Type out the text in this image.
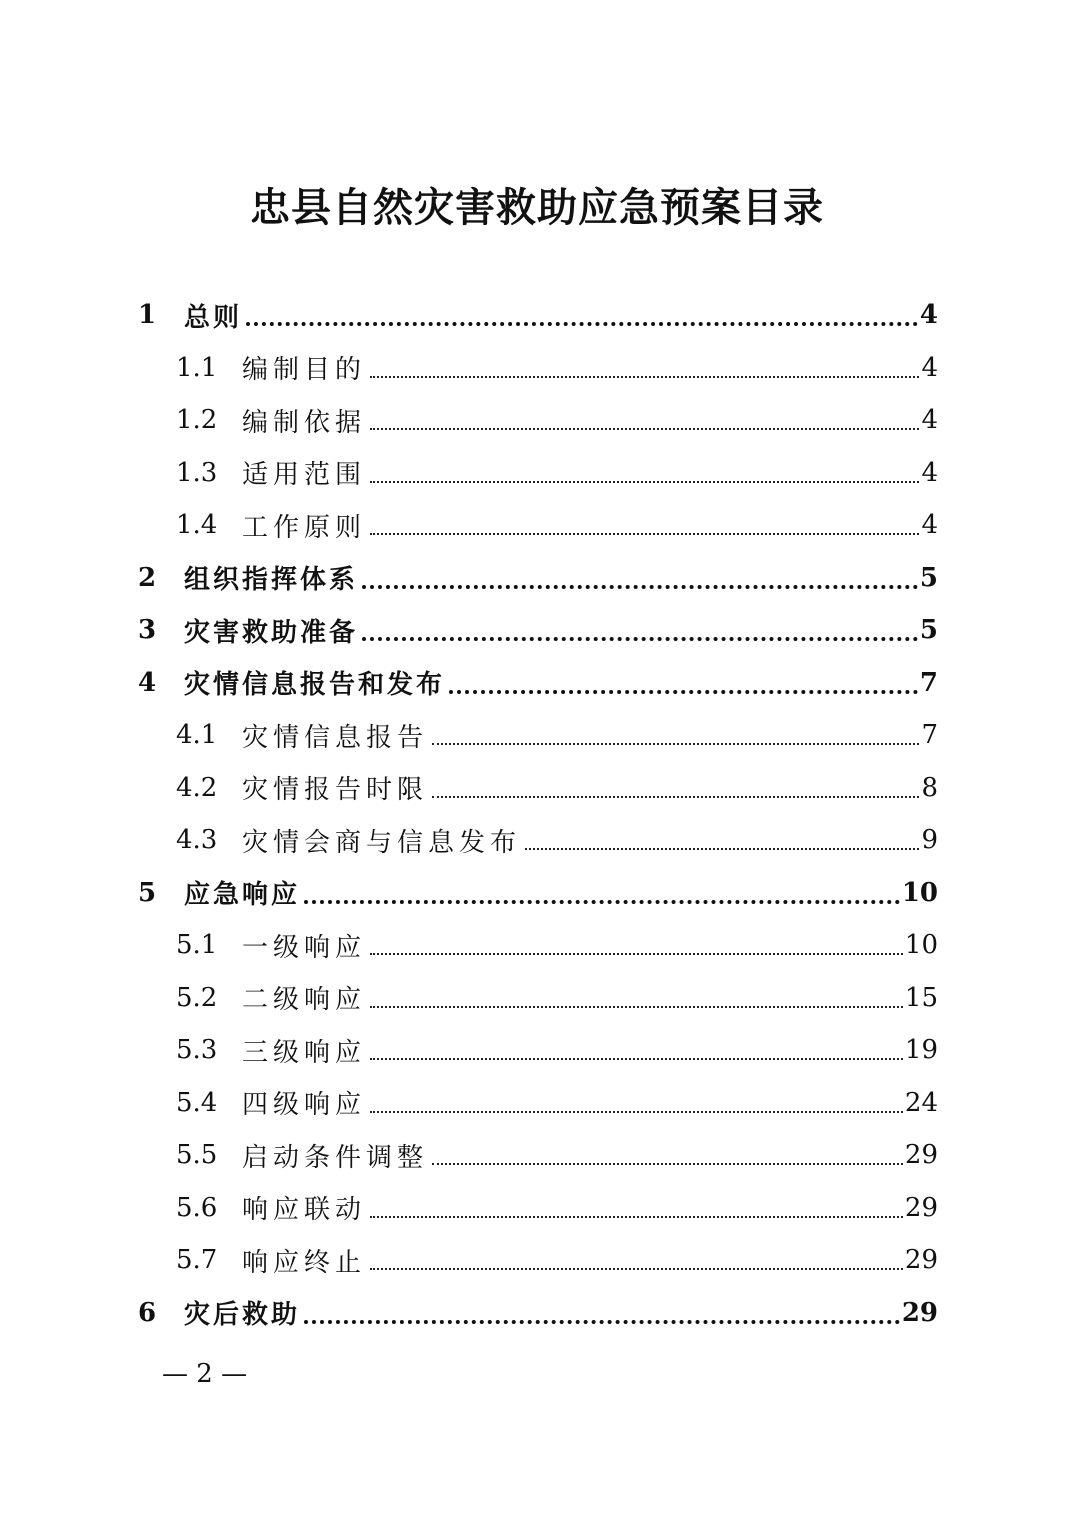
忠县自然灾害救助应急预案目录
1	总则	4
1.1 编制目的	4
1.2 编制依据	4
1.3 适用范围	4
1.4 工作原则	4
2	组织指挥体系	5
3	灾害救助准备	5
4	灾情信息报告和发布	7
4.1 灾情信息报告	7
4.2 灾情报告时限	8
4.3 灾情会商与信息发布	9
5	应急响应	10
5.1 一级响应	10
5.2 二级响应	15
5.3 三级响应	19
5.4 四级响应	24
5.5 启动条件调整	29
5.6 响应联动	29
5.7 响应终止	29
6	灾后救助	29
— 2 —
